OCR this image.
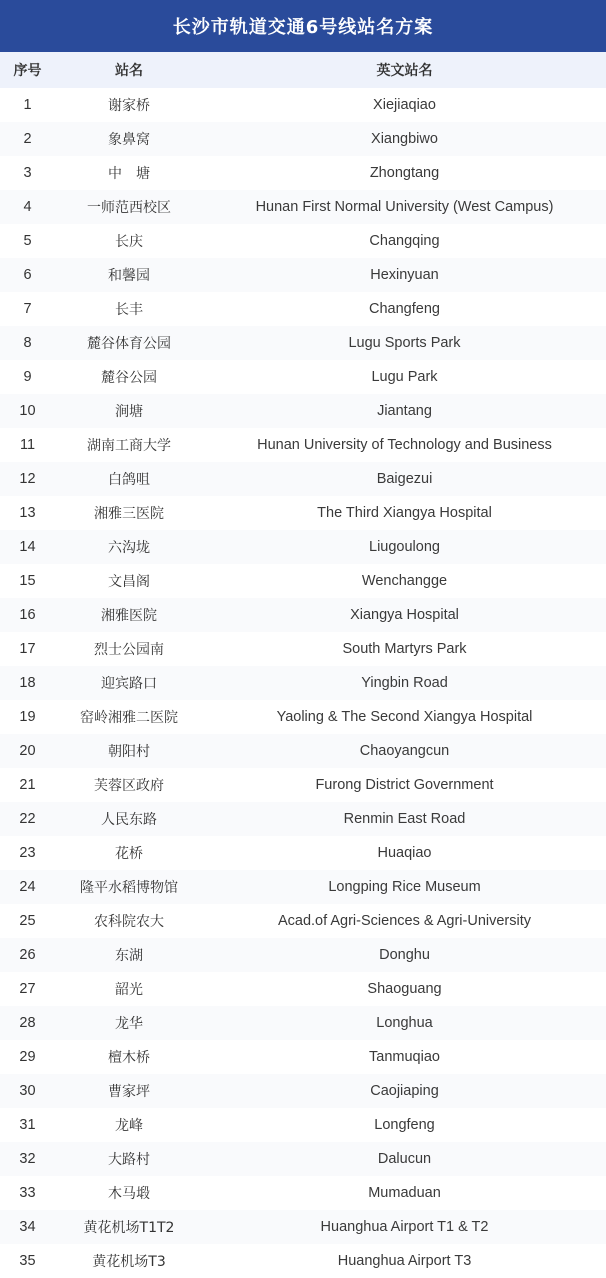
长沙市轨道交通6号线站名方案
序号	站名	英文站名
1	谢家桥	Xiejiaqiao
2	象鼻窝	Xiangbiwo
3	中　塘	Zhongtang
4	一师范西校区	Hunan First Normal University (West Campus)
5	长庆	Changqing
6	和馨园	Hexinyuan
7	长丰	Changfeng
8	麓谷体育公园	Lugu Sports Park
9	麓谷公园	Lugu Park
10	涧塘	Jiantang
11	湖南工商大学	Hunan University of Technology and Business
12	白鸽咀	Baigezui
13	湘雅三医院	The Third Xiangya Hospital
14	六沟垅	Liugoulong
15	文昌阁	Wenchangge
16	湘雅医院	Xiangya Hospital
17	烈士公园南	South Martyrs Park
18	迎宾路口	Yingbin Road
19	窑岭湘雅二医院	Yaoling & The Second Xiangya Hospital
20	朝阳村	Chaoyangcun
21	芙蓉区政府	Furong District Government
22	人民东路	Renmin East Road
23	花桥	Huaqiao
24	隆平水稻博物馆	Longping Rice Museum
25	农科院农大	Acad.of Agri-Sciences & Agri-University
26	东湖	Donghu
27	韶光	Shaoguang
28	龙华	Longhua
29	檀木桥	Tanmuqiao
30	曹家坪	Caojiaping
31	龙峰	Longfeng
32	大路村	Dalucun
33	木马塅	Mumaduan
34	黄花机场T1T2	Huanghua Airport T1 & T2
35	黄花机场T3	Huanghua Airport T3
